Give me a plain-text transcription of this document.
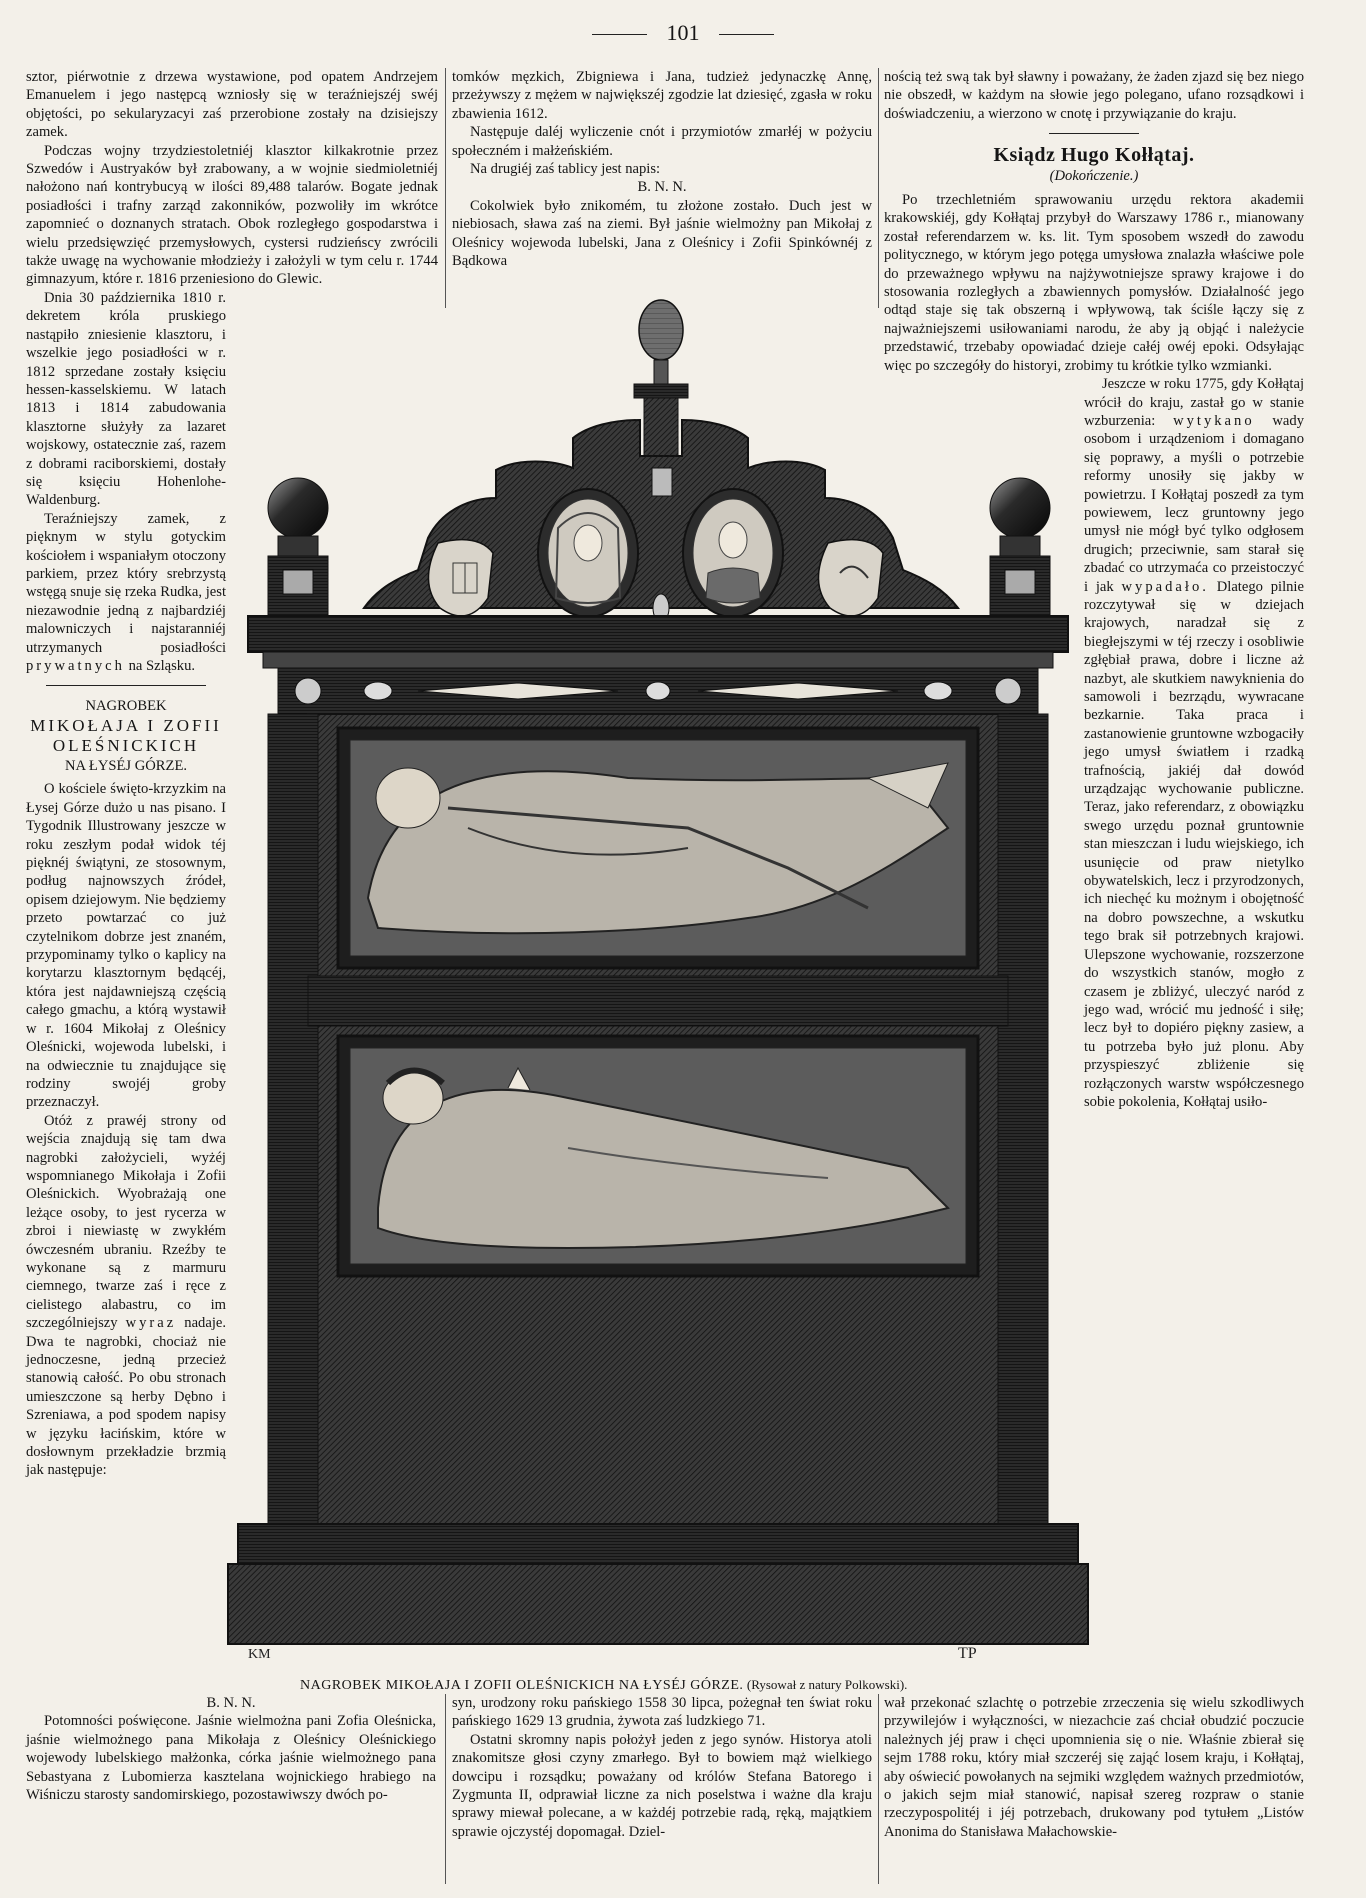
101

sztor, piérwotnie z drzewa wystawione, pod opatem Andrzejem Emanuelem i jego następcą wzniosły się w teraźniejszéj swéj objętości, po sekularyzacyi zaś przerobione zostały na dzisiejszy zamek.

Podczas wojny trzydziestoletniéj klasztor kilkakrotnie przez Szwedów i Austryaków był zrabowany, a w wojnie siedmioletniéj nałożono nań kontrybucyą w ilości 89,488 talarów. Bogate jednak posiadłości i trafny zarząd zakonników, pozwoliły im wkrótce zapomnieć o doznanych stratach. Obok rozległego gospodarstwa i wielu przedsięwzięć przemysłowych, cystersi rudzieńscy zwrócili także uwagę na wychowanie młodzieży i założyli w tym celu r. 1744 gimnazyum, które r. 1816 przeniesiono do Glewic.

Dnia 30 października 1810 r. dekretem króla pruskiego nastąpiło zniesienie klasztoru, i wszelkie jego posiadłości w r. 1812 sprzedane zostały księciu hessen-kasselskiemu. W latach 1813 i 1814 zabudowania klasztorne służyły za lazaret wojskowy, ostatecznie zaś, razem z dobrami raciborskiemi, dostały się księciu Hohenlohe-Waldenburg.

Teraźniejszy zamek, z pięknym w stylu gotyckim kościołem i wspaniałym otoczony parkiem, przez który srebrzystą wstęgą snuje się rzeka Rudka, jest niezawodnie jedną z najbardziéj malowniczych i najstaranniéj utrzymanych posiadłości prywatnych na Szląsku.

NAGROBEK
MIKOŁAJA I ZOFII
OLEŚNICKICH
NA ŁYSÉJ GÓRZE.

O kościele święto-krzyzkim na Łysej Górze dużo u nas pisano. I Tygodnik Illustrowany jeszcze w roku zeszłym podał widok téj pięknéj świątyni, ze stosownym, podług najnowszych źródeł, opisem dziejowym. Nie będziemy przeto powtarzać co już czytelnikom dobrze jest znaném, przypominamy tylko o kaplicy na korytarzu klasztornym będącéj, która jest najdawniejszą częścią całego gmachu, a którą wystawił w r. 1604 Mikołaj z Oleśnicy Oleśnicki, wojewoda lubelski, i na odwiecznie tu znajdujące się rodziny swojéj groby przeznaczył.

Otóż z prawéj strony od wejścia znajdują się tam dwa nagrobki założycieli, wyżéj wspomnianego Mikołaja i Zofii Oleśnickich. Wyobrażają one leżące osoby, to jest rycerza w zbroi i niewiastę w zwykłém ówczesném ubraniu. Rzeźby te wykonane są z marmuru ciemnego, twarze zaś i ręce z cielistego alabastru, co im szczególniejszy wyraz nadaje. Dwa te nagrobki, chociaż nie jednoczesne, jedną przecież stanowią całość. Po obu stronach umieszczone są herby Dębno i Szreniawa, a pod spodem napisy w języku łacińskim, które w dosłownym przekładzie brzmią jak następuje:

tomków męzkich, Zbigniewa i Jana, tudzież jedynaczkę Annę, przeżywszy z mężem w największéj zgodzie lat dziesięć, zgasła w roku zbawienia 1612.

Następuje daléj wyliczenie cnót i przymiotów zmarłéj w pożyciu społeczném i małżeńskiém.

Na drugiéj zaś tablicy jest napis:

B. N. N.

Cokolwiek było znikomém, tu złożone zostało. Duch jest w niebiosach, sława zaś na ziemi. Był jaśnie wielmożny pan Mikołaj z Oleśnicy wojewoda lubelski, Jana z Oleśnicy i Zofii Spinkównéj z Bądkowa

nością też swą tak był sławny i poważany, że żaden zjazd się bez niego nie obszedł, w każdym na słowie jego polegano, ufano rozsądkowi i doświadczeniu, a wierzono w cnotę i przywiązanie do kraju.

Ksiądz Hugo Kołłątaj.
(Dokończenie.)

Po trzechletniém sprawowaniu urzędu rektora akademii krakowskiéj, gdy Kołłątaj przybył do Warszawy 1786 r., mianowany został referendarzem w. ks. lit. Tym sposobem wszedł do zawodu politycznego, w którym jego potęga umysłowa znalazła właściwe pole do przeważnego wpływu na najżywotniejsze sprawy krajowe i do stosowania rozległych a zbawiennych pomysłów. Działalność jego odtąd staje się tak obszerną i wpływową, tak ściśle łączy się z najważniejszemi usiłowaniami narodu, że aby ją objąć i należycie przedstawić, trzebaby opowiadać dzieje całéj owéj epoki. Odsyłając więc po szczegóły do historyi, zrobimy tu krótkie tylko wzmianki.

Jeszcze w roku 1775, gdy Kołłątaj wrócił do kraju, zastał go w stanie wzburzenia: wytykano wady osobom i urządzeniom i domagano się poprawy, a myśli o potrzebie reformy unosiły się jakby w powietrzu. I Kołłątaj poszedł za tym powiewem, lecz gruntowny jego umysł nie mógł być tylko odgłosem drugich; przeciwnie, sam starał się zbadać co utrzymaćа co przeistoczyć i jak wypadało. Dlatego pilnie rozczytywał się w dziejach krajowych, naradzał się z biegłejszymi w téj rzeczy i osobliwie zgłębiał prawa, dobre i liczne aż nazbyt, ale skutkiem nawyknienia do samowoli i bezrządu, wywracane bezkarnie. Taka praca i zastanowienie gruntowne wzbogaciły jego umysł światłem i rzadką trafnością, jakiéj dał dowód urządzając wychowanie publiczne. Teraz, jako referendarz, z obowiązku swego urzędu poznał gruntownie stan mieszczan i ludu wiejskiego, ich usunięcie od praw nietylko obywatelskich, lecz i przyrodzonych, ich niechęć ku możnym i obojętność na dobro powszechne, a wskutku tego brak sił potrzebnych krajowi. Ulepszone wychowanie, rozszerzone do wszystkich stanów, mogło z czasem je zbliżyć, uleczyć naród z jego wad, wrócić mu jedność i siłę; lecz był to dopiéro piękny zasiew, a tu potrzeba było już plonu. Aby przyspieszyć zbliżenie się rozłączonych warstw współczesnego sobie pokolenia, Kołłątaj usiło-

KM	TP
NAGROBEK MIKOŁAJA I ZOFII OLEŚNICKICH NA ŁYSÉJ GÓRZE. (Rysował z natury Polkowski).

B. N. N.

Potomności poświęcone. Jaśnie wielmożna pani Zofia Oleśnicka, jaśnie wielmożnego pana Mikołaja z Oleśnicy Oleśnickiego wojewody lubelskiego małżonka, córka jaśnie wielmożnego pana Sebastyana z Lubomierza kasztelana wojnickiego hrabiego na Wiśniczu starosty sandomirskiego, pozostawiwszy dwóch po-

syn, urodzony roku pańskiego 1558 30 lipca, pożegnał ten świat roku pańskiego 1629 13 grudnia, żywota zaś ludzkiego 71.

Ostatni skromny napis położył jeden z jego synów. Historya atoli znakomitsze głosi czyny zmarłego. Był to bowiem mąż wielkiego dowcipu i rozsądku; poważany od królów Stefana Batorego i Zygmunta II, odprawiał liczne za nich poselstwa i ważne dla kraju sprawy miewał polecane, a w każdéj potrzebie radą, ręką, majątkiem sprawie ojczystéj dopomagał. Dziel-

wał przekonać szlachtę o potrzebie zrzeczenia się wielu szkodliwych przywilejów i wyłączności, w niezachcie zaś chciał obudzić poczucie należnych jéj praw i chęci upomnienia się o nie. Właśnie zbierał się sejm 1788 roku, który miał szczeréj się zająć losem kraju, i Kołłątaj, aby oświecić powołanych na sejmiki względem ważnych przedmiotów, o jakich sejm miał stanowić, napisał szereg rozpraw o stanie rzeczypospolitéj i jéj potrzebach, drukowany pod tytułem „Listów Anonima do Stanisława Małachowskie-
